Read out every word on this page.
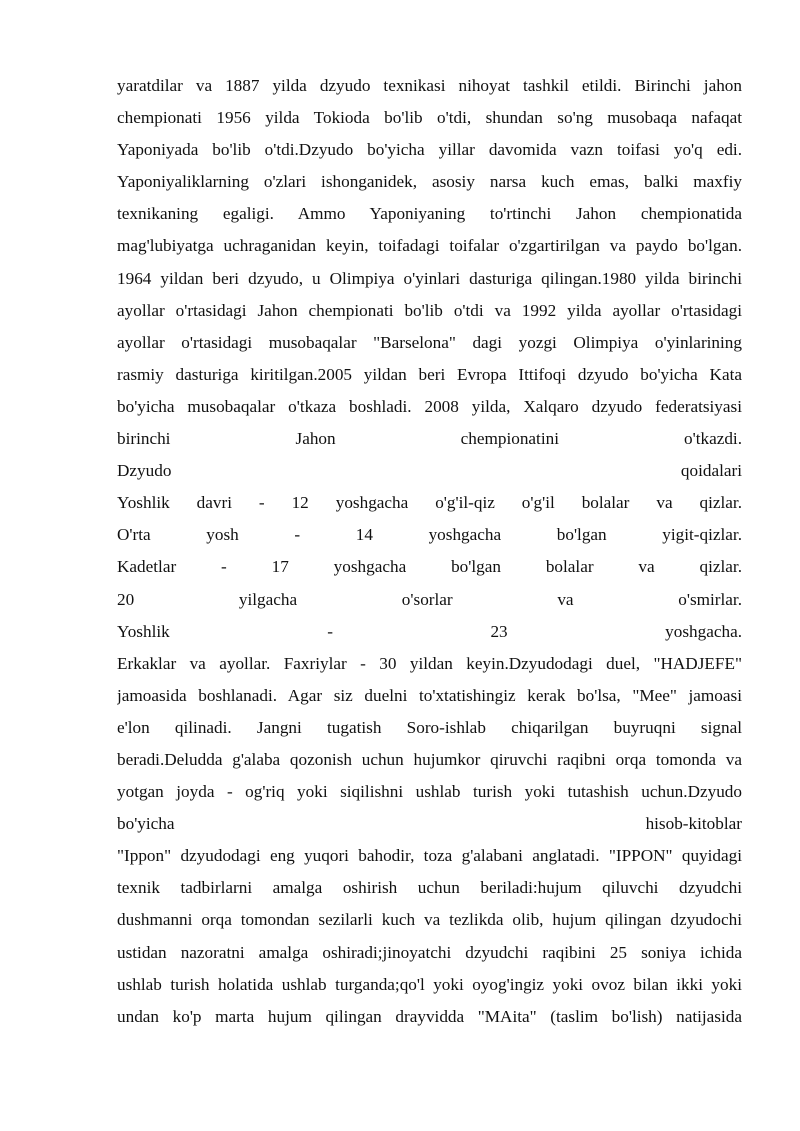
yaratdilar va 1887 yilda dzyudo texnikasi nihoyat tashkil etildi. Birinchi jahon
chempionati 1956 yilda Tokioda bo'lib o'tdi, shundan so'ng musobaqa nafaqat
Yaponiyada bo'lib o'tdi.Dzyudo bo'yicha yillar davomida vazn toifasi yo'q edi.
Yaponiyaliklarning o'zlari ishonganidek, asosiy narsa kuch emas, balki maxfiy
texnikaning egaligi. Ammo Yaponiyaning to'rtinchi Jahon chempionatida
mag'lubiyatga uchraganidan keyin, toifadagi toifalar o'zgartirilgan va paydo bo'lgan.
1964 yildan beri dzyudo, u Olimpiya o'yinlari dasturiga qilingan.1980 yilda birinchi
ayollar o'rtasidagi Jahon chempionati bo'lib o'tdi va 1992 yilda ayollar o'rtasidagi
ayollar o'rtasidagi musobaqalar "Barselona" dagi yozgi Olimpiya o'yinlarining
rasmiy dasturiga kiritilgan.2005 yildan beri Evropa Ittifoqi dzyudo bo'yicha Kata
bo'yicha musobaqalar o'tkaza boshladi. 2008 yilda, Xalqaro dzyudo federatsiyasi
birinchi Jahon chempionatini o'tkazdi.
Dzyudo qoidalari
Yoshlik davri - 12 yoshgacha o'g'il-qiz o'g'il bolalar va qizlar.
O'rta yosh - 14 yoshgacha bo'lgan yigit-qizlar.
Kadetlar - 17 yoshgacha bo'lgan bolalar va qizlar.
20 yilgacha o'sorlar va o'smirlar.
Yoshlik - 23 yoshgacha.
Erkaklar va ayollar. Faxriylar - 30 yildan keyin.Dzyudodagi duel, "HADJEFE"
jamoasida boshlanadi. Agar siz duelni to'xtatishingiz kerak bo'lsa, "Mee" jamoasi
e'lon qilinadi. Jangni tugatish Soro-ishlab chiqarilgan buyruqni signal
beradi.Deludda g'alaba qozonish uchun hujumkor qiruvchi raqibni orqa tomonda va
yotgan joyda - og'riq yoki siqilishni ushlab turish yoki tutashish uchun.Dzyudo
bo'yicha hisob-kitoblar
"Ippon" dzyudodagi eng yuqori bahodir, toza g'alabani anglatadi. "IPPON" quyidagi
texnik tadbirlarni amalga oshirish uchun beriladi:hujum qiluvchi dzyudchi
dushmanni orqa tomondan sezilarli kuch va tezlikda olib, hujum qilingan dzyudochi
ustidan nazoratni amalga oshiradi;jinoyatchi dzyudchi raqibini 25 soniya ichida
ushlab turish holatida ushlab turganda;qo'l yoki oyog'ingiz yoki ovoz bilan ikki yoki
undan ko'p marta hujum qilingan drayvidda "MAita" (taslim bo'lish) natijasida
